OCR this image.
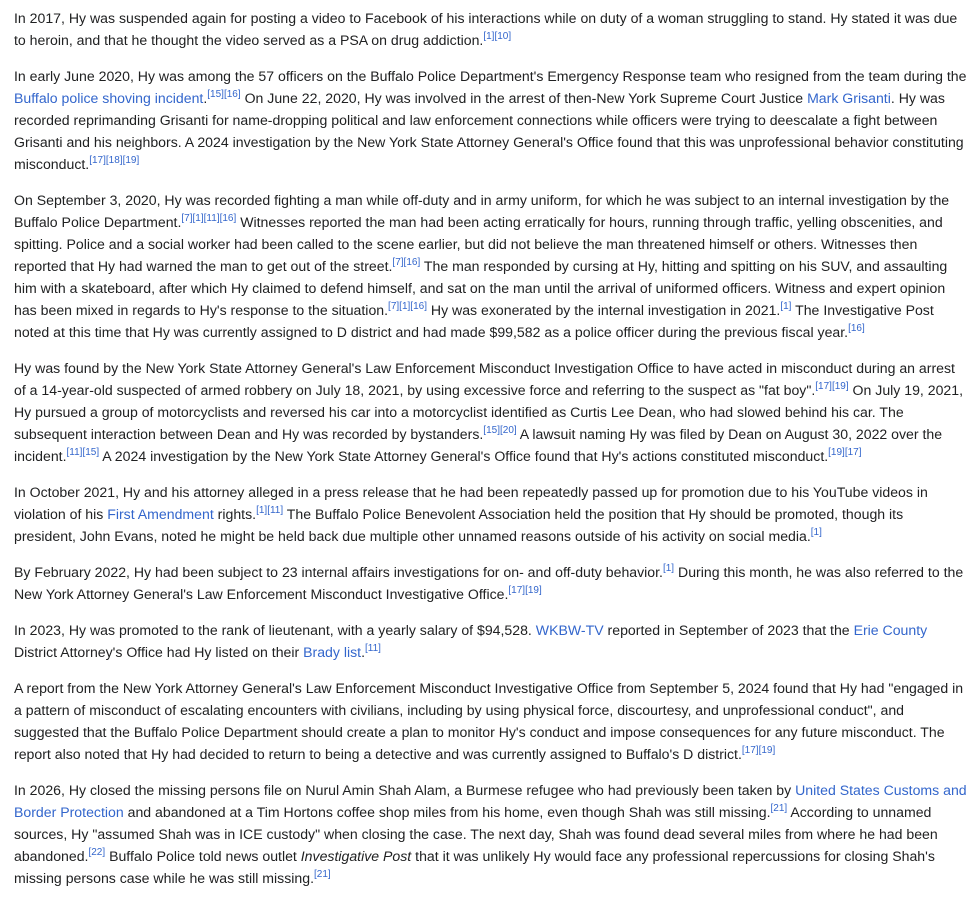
In 2017, Hy was suspended again for posting a video to Facebook of his interactions while on duty of a woman struggling to stand. Hy stated it was due to heroin, and that he thought the video served as a PSA on drug addiction.[1][10]

In early June 2020, Hy was among the 57 officers on the Buffalo Police Department's Emergency Response team who resigned from the team during the Buffalo police shoving incident.[15][16] On June 22, 2020, Hy was involved in the arrest of then-New York Supreme Court Justice Mark Grisanti. Hy was recorded reprimanding Grisanti for name-dropping political and law enforcement connections while officers were trying to deescalate a fight between Grisanti and his neighbors. A 2024 investigation by the New York State Attorney General's Office found that this was unprofessional behavior constituting misconduct.[17][18][19]

On September 3, 2020, Hy was recorded fighting a man while off-duty and in army uniform, for which he was subject to an internal investigation by the Buffalo Police Department.[7][1][11][16] Witnesses reported the man had been acting erratically for hours, running through traffic, yelling obscenities, and spitting. Police and a social worker had been called to the scene earlier, but did not believe the man threatened himself or others. Witnesses then reported that Hy had warned the man to get out of the street.[7][16] The man responded by cursing at Hy, hitting and spitting on his SUV, and assaulting him with a skateboard, after which Hy claimed to defend himself, and sat on the man until the arrival of uniformed officers. Witness and expert opinion has been mixed in regards to Hy's response to the situation.[7][1][16] Hy was exonerated by the internal investigation in 2021.[1] The Investigative Post noted at this time that Hy was currently assigned to D district and had made $99,582 as a police officer during the previous fiscal year.[16]

Hy was found by the New York State Attorney General's Law Enforcement Misconduct Investigation Office to have acted in misconduct during an arrest of a 14-year-old suspected of armed robbery on July 18, 2021, by using excessive force and referring to the suspect as "fat boy".[17][19] On July 19, 2021, Hy pursued a group of motorcyclists and reversed his car into a motorcyclist identified as Curtis Lee Dean, who had slowed behind his car. The subsequent interaction between Dean and Hy was recorded by bystanders.[15][20] A lawsuit naming Hy was filed by Dean on August 30, 2022 over the incident.[11][15] A 2024 investigation by the New York State Attorney General's Office found that Hy's actions constituted misconduct.[19][17]

In October 2021, Hy and his attorney alleged in a press release that he had been repeatedly passed up for promotion due to his YouTube videos in violation of his First Amendment rights.[1][11] The Buffalo Police Benevolent Association held the position that Hy should be promoted, though its president, John Evans, noted he might be held back due multiple other unnamed reasons outside of his activity on social media.[1]

By February 2022, Hy had been subject to 23 internal affairs investigations for on- and off-duty behavior.[1] During this month, he was also referred to the New York Attorney General's Law Enforcement Misconduct Investigative Office.[17][19]

In 2023, Hy was promoted to the rank of lieutenant, with a yearly salary of $94,528. WKBW-TV reported in September of 2023 that the Erie County District Attorney's Office had Hy listed on their Brady list.[11]

A report from the New York Attorney General's Law Enforcement Misconduct Investigative Office from September 5, 2024 found that Hy had "engaged in a pattern of misconduct of escalating encounters with civilians, including by using physical force, discourtesy, and unprofessional conduct", and suggested that the Buffalo Police Department should create a plan to monitor Hy's conduct and impose consequences for any future misconduct. The report also noted that Hy had decided to return to being a detective and was currently assigned to Buffalo's D district.[17][19]

In 2026, Hy closed the missing persons file on Nurul Amin Shah Alam, a Burmese refugee who had previously been taken by United States Customs and Border Protection and abandoned at a Tim Hortons coffee shop miles from his home, even though Shah was still missing.[21] According to unnamed sources, Hy "assumed Shah was in ICE custody" when closing the case. The next day, Shah was found dead several miles from where he had been abandoned.[22] Buffalo Police told news outlet Investigative Post that it was unlikely Hy would face any professional repercussions for closing Shah's missing persons case while he was still missing.[21]
